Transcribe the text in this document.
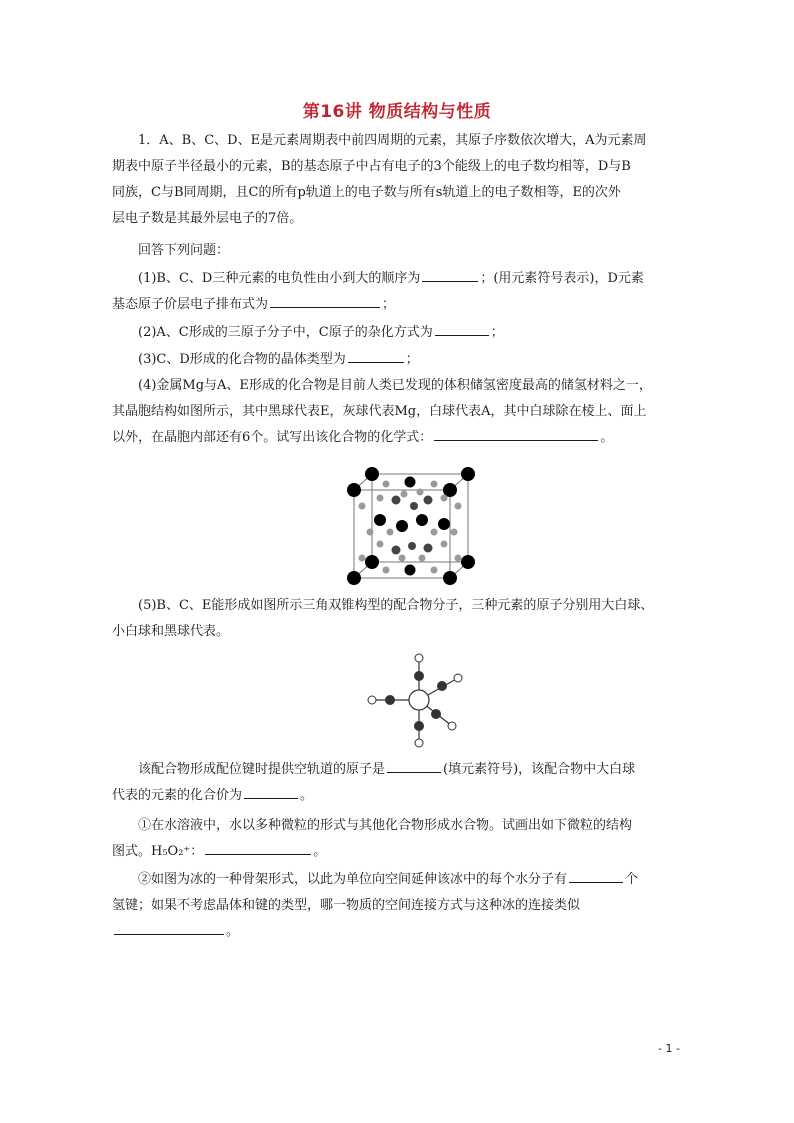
第16讲 物质结构与性质
1．A、B、C、D、E是元素周期表中前四周期的元素，其原子序数依次增大，A为元素周
期表中原子半径最小的元素，B的基态原子中占有电子的3个能级上的电子数均相等，D与B
同族，C与B同周期，且C的所有p轨道上的电子数与所有s轨道上的电子数相等，E的次外
层电子数是其最外层电子的7倍。
回答下列问题：
(1)B、C、D三种元素的电负性由小到大的顺序为	；(用元素符号表示)，D元素
基态原子价层电子排布式为	；
(2)A、C形成的三原子分子中，C原子的杂化方式为	；
(3)C、D形成的化合物的晶体类型为	；
(4)金属Mg与A、E形成的化合物是目前人类已发现的体积储氢密度最高的储氢材料之一，
其晶胞结构如图所示，其中黑球代表E，灰球代表Mg，白球代表A，其中白球除在棱上、面上
以外，在晶胞内部还有6个。试写出该化合物的化学式：	。
(5)B、C、E能形成如图所示三角双锥构型的配合物分子，三种元素的原子分别用大白球、
小白球和黑球代表。
该配合物形成配位键时提供空轨道的原子是	(填元素符号)，该配合物中大白球
代表的元素的化合价为	。
①在水溶液中，水以多种微粒的形式与其他化合物形成水合物。试画出如下微粒的结构
图式。H₅O₂⁺：	。
②如图为冰的一种骨架形式，以此为单位向空间延伸该冰中的每个水分子有	个
氢键；如果不考虑晶体和键的类型，哪一物质的空间连接方式与这种冰的连接类似
。
- 1 -
